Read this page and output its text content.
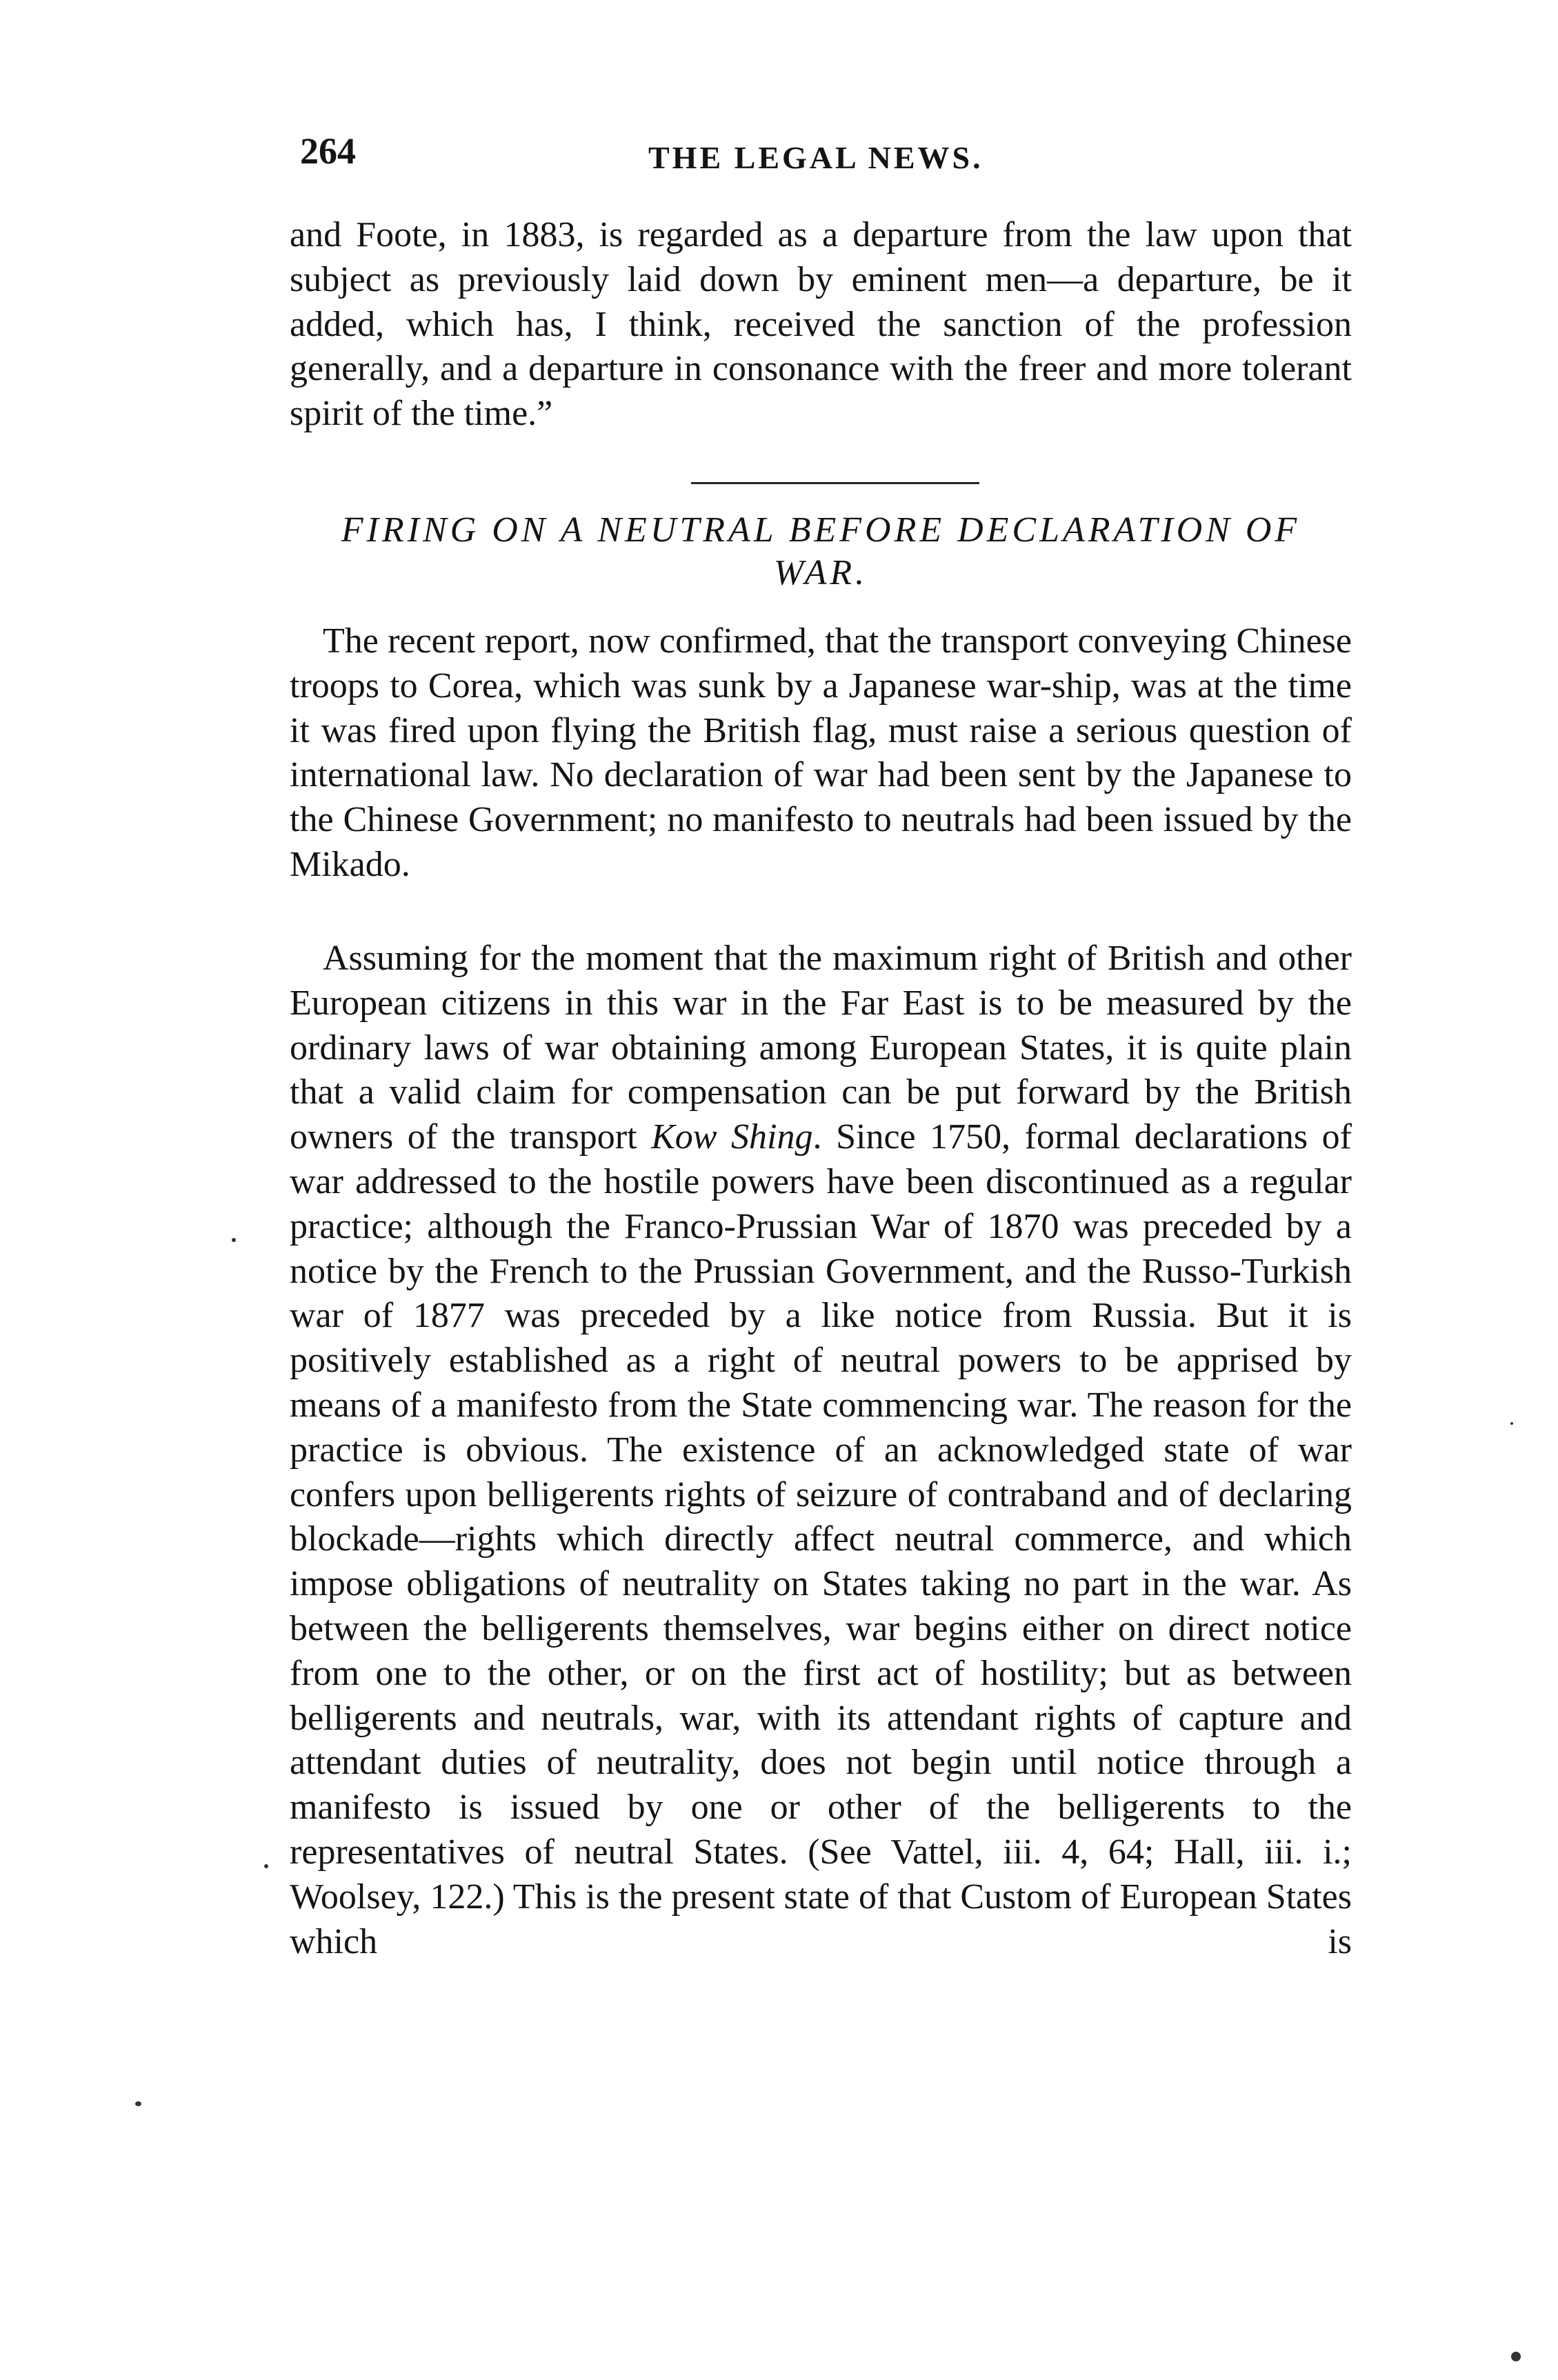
264	THE LEGAL NEWS.

and Foote, in 1883, is regarded as a departure from the law upon that subject as previously laid down by eminent men—a departure, be it added, which has, I think, received the sanction of the profession generally, and a departure in consonance with the freer and more tolerant spirit of the time.”

FIRING ON A NEUTRAL BEFORE DECLARATION OF WAR.

The recent report, now confirmed, that the transport conveying Chinese troops to Corea, which was sunk by a Japanese war-ship, was at the time it was fired upon flying the British flag, must raise a serious question of international law. No declaration of war had been sent by the Japanese to the Chinese Government; no manifesto to neutrals had been issued by the Mikado.

Assuming for the moment that the maximum right of British and other European citizens in this war in the Far East is to be measured by the ordinary laws of war obtaining among European States, it is quite plain that a valid claim for compensation can be put forward by the British owners of the transport Kow Shing. Since 1750, formal declarations of war addressed to the hostile powers have been discontinued as a regular practice; although the Franco-Prussian War of 1870 was preceded by a notice by the French to the Prussian Government, and the Russo-Turkish war of 1877 was preceded by a like notice from Russia. But it is positively established as a right of neutral powers to be apprised by means of a manifesto from the State commencing war. The reason for the practice is obvious. The existence of an acknowledged state of war confers upon belligerents rights of seizure of contraband and of declaring blockade—rights which directly affect neutral commerce, and which impose obligations of neutrality on States taking no part in the war. As between the belligerents themselves, war begins either on direct notice from one to the other, or on the first act of hostility; but as between belligerents and neutrals, war, with its attendant rights of capture and attendant duties of neutrality, does not begin until notice through a manifesto is issued by one or other of the belligerents to the representatives of neutral States. (See Vattel, iii. 4, 64; Hall, iii. i.; Woolsey, 122.) This is the present state of that Custom of European States which is
